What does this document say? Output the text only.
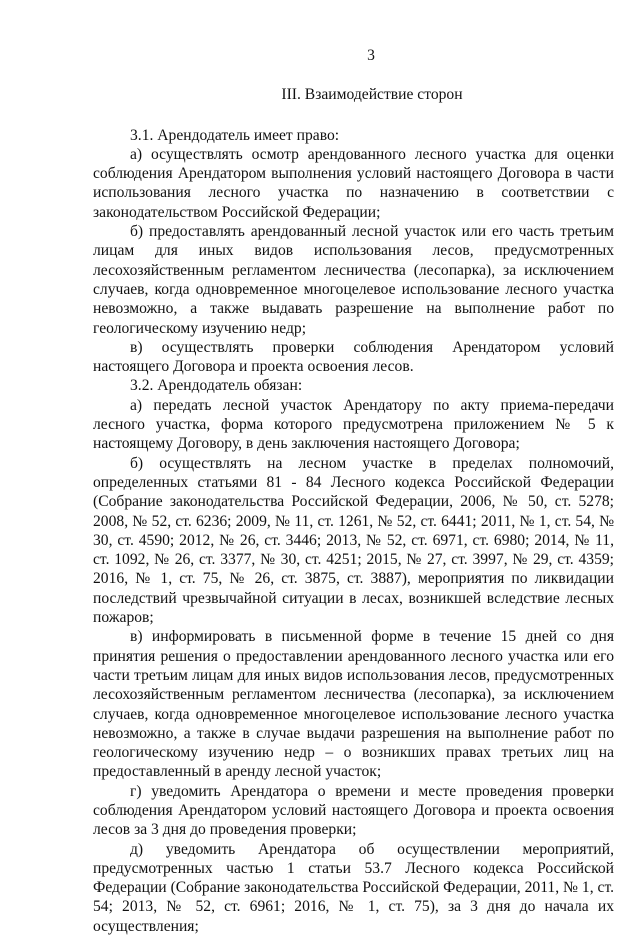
3
III. Взаимодействие сторон

3.1. Арендодатель имеет право:

а) осуществлять осмотр арендованного лесного участка для оценки соблюдения Арендатором выполнения условий настоящего Договора в части использования лесного участка по назначению в соответствии с законодательством Российской Федерации;

б) предоставлять арендованный лесной участок или его часть третьим лицам для иных видов использования лесов, предусмотренных лесохозяйственным регламентом лесничества (лесопарка), за исключением случаев, когда одновременное многоцелевое использование лесного участка невозможно, а также выдавать разрешение на выполнение работ по геологическому изучению недр;

в) осуществлять проверки соблюдения Арендатором условий настоящего Договора и проекта освоения лесов.

3.2. Арендодатель обязан:

а) передать лесной участок Арендатору по акту приема-передачи лесного участка, форма которого предусмотрена приложением № 5 к настоящему Договору, в день заключения настоящего Договора;

б) осуществлять на лесном участке в пределах полномочий, определенных статьями 81 - 84 Лесного кодекса Российской Федерации (Собрание законодательства Российской Федерации, 2006, № 50, ст. 5278; 2008, № 52, ст. 6236; 2009, № 11, ст. 1261, № 52, ст. 6441; 2011, № 1, ст. 54, № 30, ст. 4590; 2012, № 26, ст. 3446; 2013, № 52, ст. 6971, ст. 6980; 2014, № 11, ст. 1092, № 26, ст. 3377, № 30, ст. 4251; 2015, № 27, ст. 3997, № 29, ст. 4359; 2016, № 1, ст. 75, № 26, ст. 3875, ст. 3887), мероприятия по ликвидации последствий чрезвычайной ситуации в лесах, возникшей вследствие лесных пожаров;

в) информировать в письменной форме в течение 15 дней со дня принятия решения о предоставлении арендованного лесного участка или его части третьим лицам для иных видов использования лесов, предусмотренных лесохозяйственным регламентом лесничества (лесопарка), за исключением случаев, когда одновременное многоцелевое использование лесного участка невозможно, а также в случае выдачи разрешения на выполнение работ по геологическому изучению недр – о возникших правах третьих лиц на предоставленный в аренду лесной участок;

г) уведомить Арендатора о времени и месте проведения проверки соблюдения Арендатором условий настоящего Договора и проекта освоения лесов за 3 дня до проведения проверки;

д) уведомить Арендатора об осуществлении мероприятий, предусмотренных частью 1 статьи 53.7 Лесного кодекса Российской Федерации (Собрание законодательства Российской Федерации, 2011, № 1, ст. 54; 2013, № 52, ст. 6961; 2016, № 1, ст. 75), за 3 дня до начала их осуществления;
